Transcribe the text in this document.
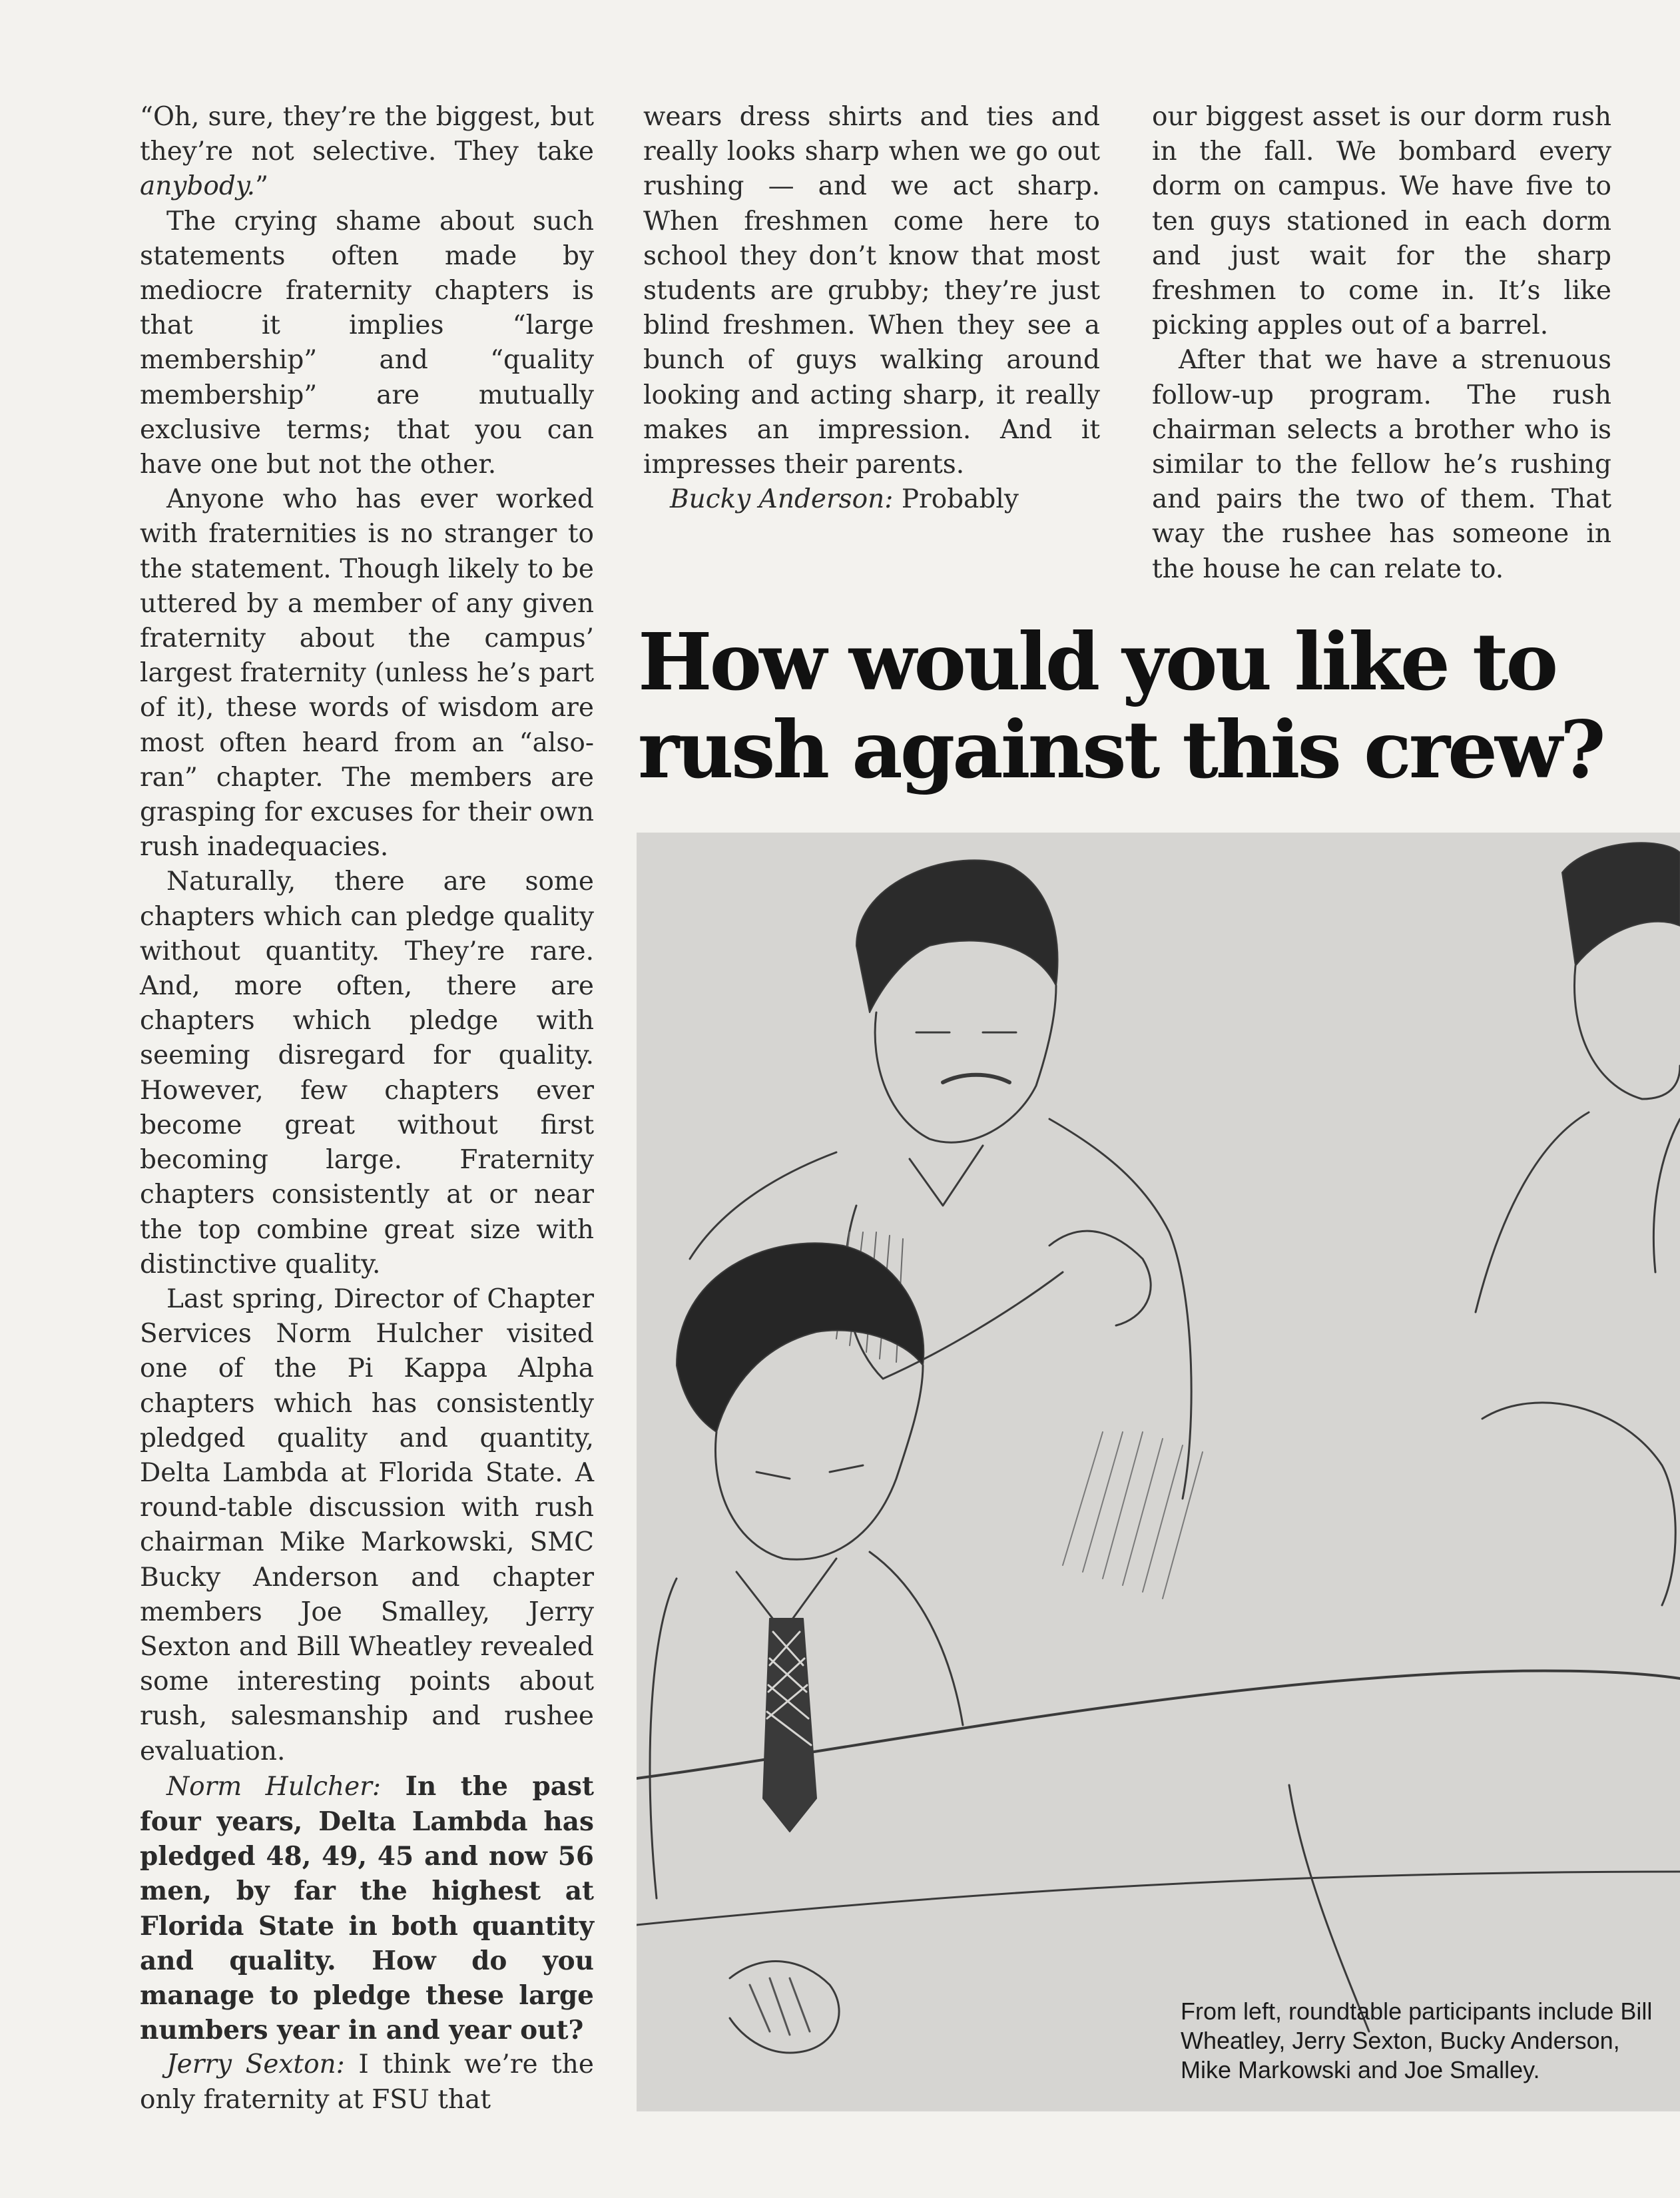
“Oh, sure, they’re the biggest, but they’re not selective. They take anybody.”

The crying shame about such statements often made by mediocre fraternity chapters is that it implies “large membership” and “quality membership” are mutually exclusive terms; that you can have one but not the other.

Anyone who has ever worked with fraternities is no stranger to the statement. Though likely to be uttered by a member of any given fraternity about the campus’ largest fraternity (unless he’s part of it), these words of wisdom are most often heard from an “also-ran” chapter. The members are grasping for excuses for their own rush inadequacies.

Naturally, there are some chapters which can pledge quality without quantity. They’re rare. And, more often, there are chapters which pledge with seeming disregard for quality. However, few chapters ever become great without first becoming large. Fraternity chapters consistently at or near the top combine great size with distinctive quality.

Last spring, Director of Chapter Services Norm Hulcher visited one of the Pi Kappa Alpha chapters which has consistently pledged quality and quantity, Delta Lambda at Florida State. A round-table discussion with rush chairman Mike Markowski, SMC Bucky Anderson and chapter members Joe Smalley, Jerry Sexton and Bill Wheatley revealed some interesting points about rush, salesmanship and rushee evaluation.

Norm Hulcher: In the past four years, Delta Lambda has pledged 48, 49, 45 and now 56 men, by far the highest at Florida State in both quantity and quality. How do you manage to pledge these large numbers year in and year out?

Jerry Sexton: I think we’re the only fraternity at FSU that

wears dress shirts and ties and really looks sharp when we go out rushing — and we act sharp. When freshmen come here to school they don’t know that most students are grubby; they’re just blind freshmen. When they see a bunch of guys walking around looking and acting sharp, it really makes an impression. And it impresses their parents.

Bucky Anderson: Probably

our biggest asset is our dorm rush in the fall. We bombard every dorm on campus. We have five to ten guys stationed in each dorm and just wait for the sharp freshmen to come in. It’s like picking apples out of a barrel.

After that we have a strenuous follow-up program. The rush chairman selects a brother who is similar to the fellow he’s rushing and pairs the two of them. That way the rushee has someone in the house he can relate to.

How would you like to
rush against this crew?

From left, roundtable participants include Bill Wheatley, Jerry Sexton, Bucky Anderson, Mike Markowski and Joe Smalley.
